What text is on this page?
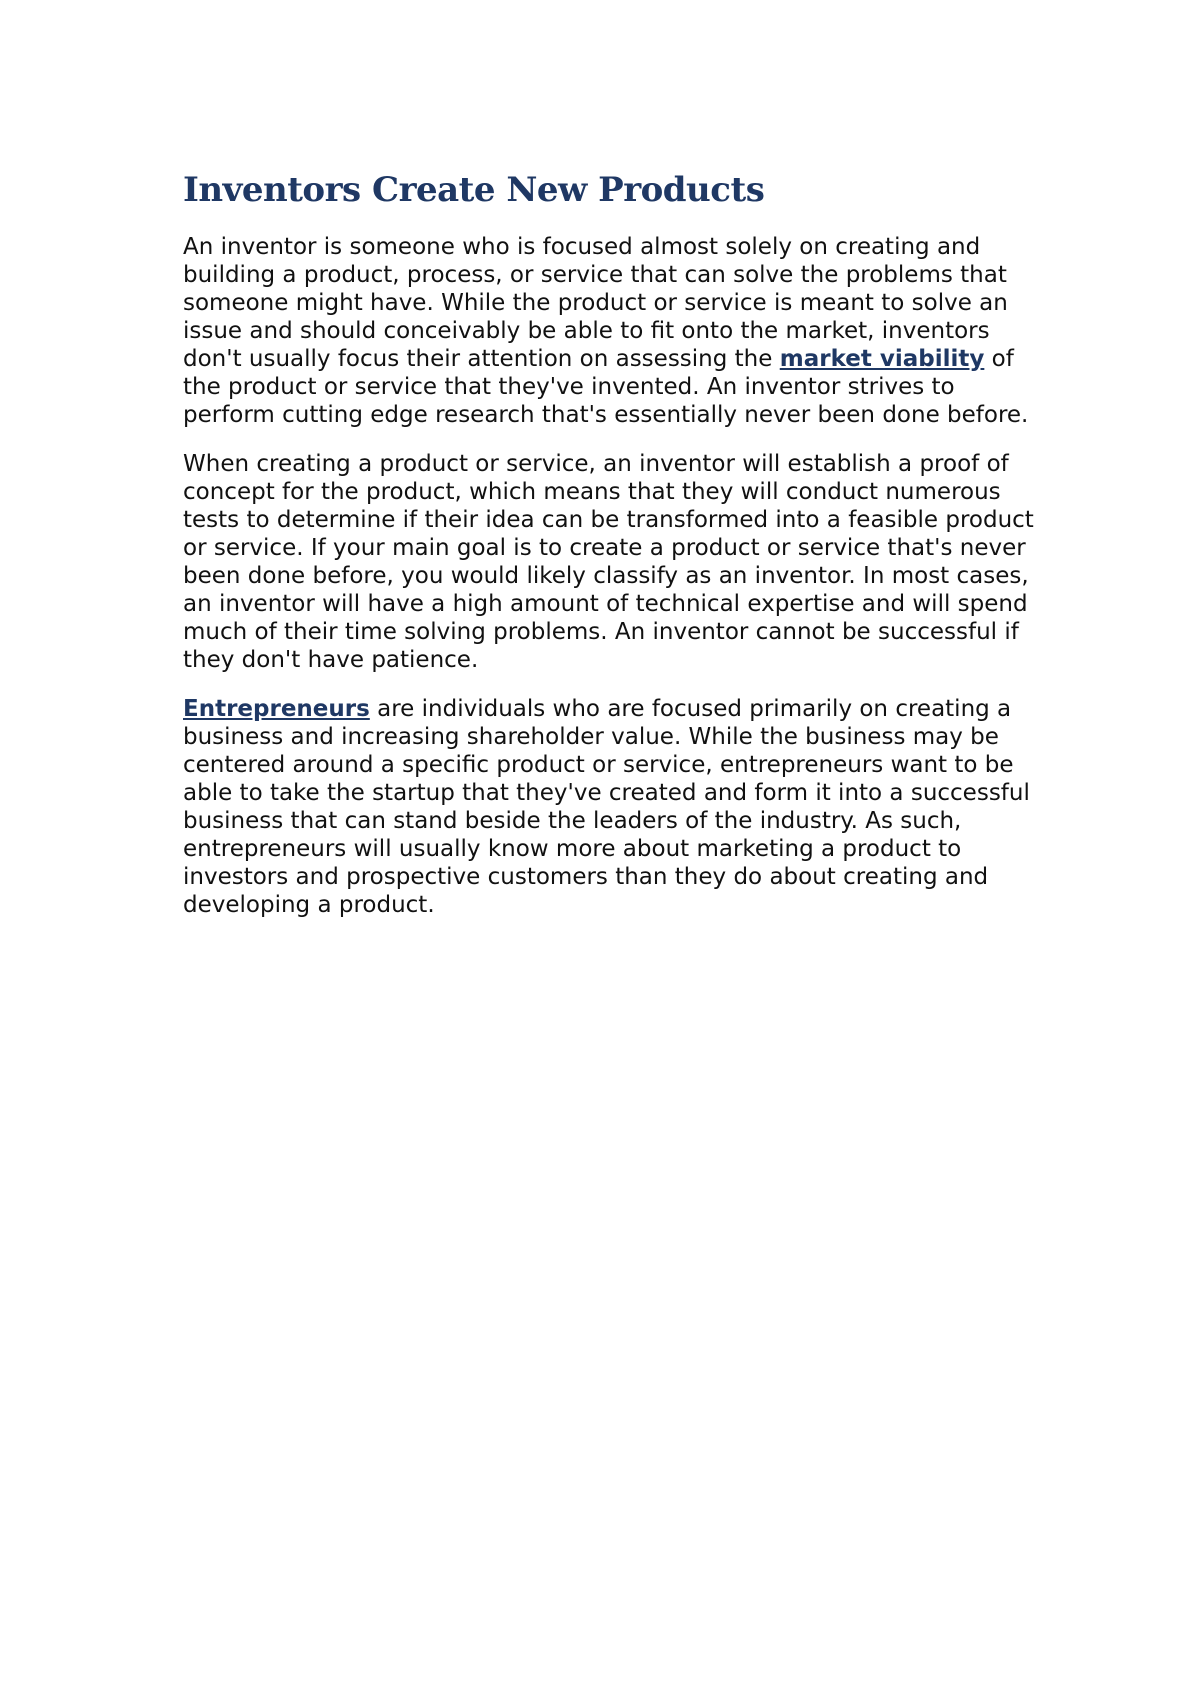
Inventors Create New Products

An inventor is someone who is focused almost solely on creating and building a product, process, or service that can solve the problems that someone might have. While the product or service is meant to solve an issue and should conceivably be able to fit onto the market, inventors don't usually focus their attention on assessing the market viability of the product or service that they've invented. An inventor strives to perform cutting edge research that's essentially never been done before.

When creating a product or service, an inventor will establish a proof of concept for the product, which means that they will conduct numerous tests to determine if their idea can be transformed into a feasible product or service. If your main goal is to create a product or service that's never been done before, you would likely classify as an inventor. In most cases, an inventor will have a high amount of technical expertise and will spend much of their time solving problems. An inventor cannot be successful if they don't have patience.

Entrepreneurs are individuals who are focused primarily on creating a business and increasing shareholder value. While the business may be centered around a specific product or service, entrepreneurs want to be able to take the startup that they've created and form it into a successful business that can stand beside the leaders of the industry. As such, entrepreneurs will usually know more about marketing a product to investors and prospective customers than they do about creating and developing a product.
